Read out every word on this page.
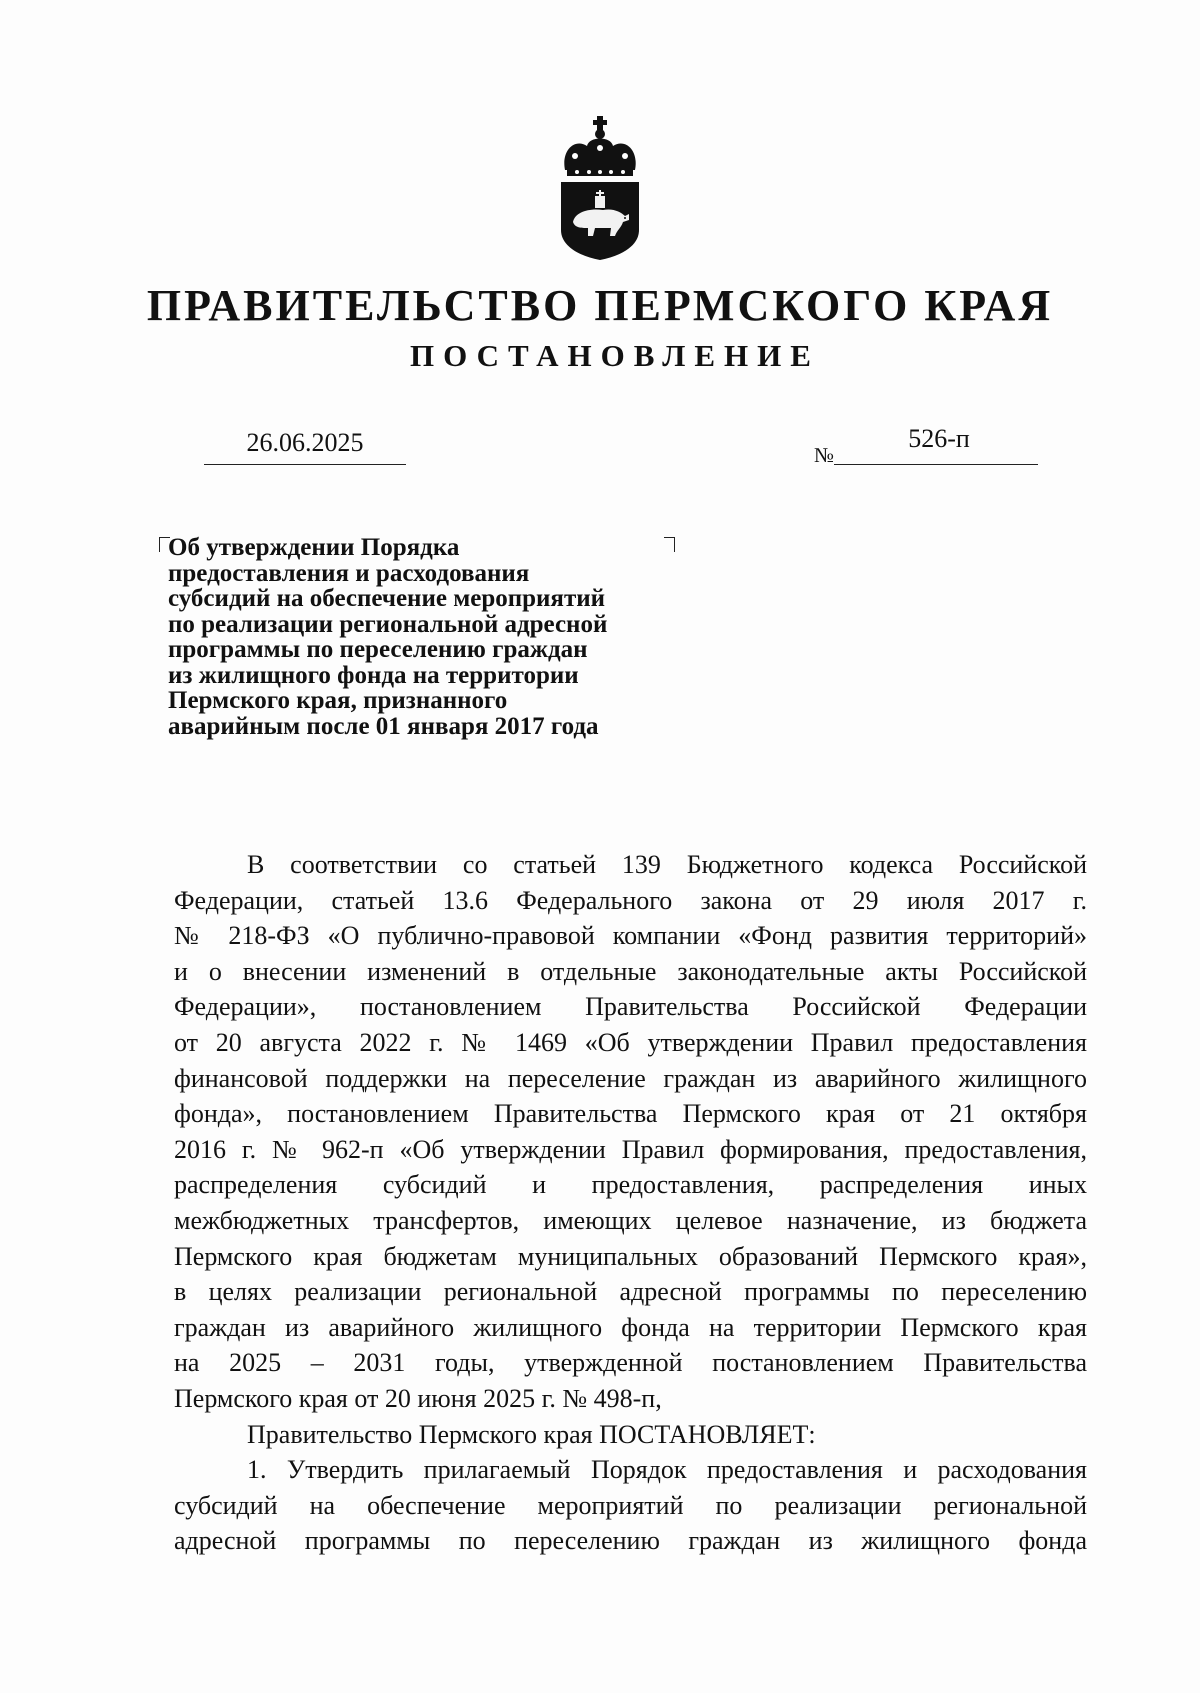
ПРАВИТЕЛЬСТВО ПЕРМСКОГО КРАЯ
ПОСТАНОВЛЕНИЕ
26.06.2025	№
526-п
Об утверждении Порядка
предоставления и расходования
субсидий на обеспечение мероприятий
по реализации региональной адресной
программы по переселению граждан
из жилищного фонда на территории
Пермского края, признанного
аварийным после 01 января 2017 года
В соответствии со статьей 139 Бюджетного кодекса Российской
Федерации, статьей 13.6 Федерального закона от 29 июля 2017 г.
№ 218-ФЗ «О публично-правовой компании «Фонд развития территорий»
и о внесении изменений в отдельные законодательные акты Российской
Федерации», постановлением Правительства Российской Федерации
от 20 августа 2022 г. № 1469 «Об утверждении Правил предоставления
финансовой поддержки на переселение граждан из аварийного жилищного
фонда», постановлением Правительства Пермского края от 21 октября
2016 г. № 962-п «Об утверждении Правил формирования, предоставления,
распределения субсидий и предоставления, распределения иных
межбюджетных трансфертов, имеющих целевое назначение, из бюджета
Пермского края бюджетам муниципальных образований Пермского края»,
в целях реализации региональной адресной программы по переселению
граждан из аварийного жилищного фонда на территории Пермского края
на 2025 – 2031 годы, утвержденной постановлением Правительства
Пермского края от 20 июня 2025 г. № 498-п,
Правительство Пермского края ПОСТАНОВЛЯЕТ:
1. Утвердить прилагаемый Порядок предоставления и расходования
субсидий на обеспечение мероприятий по реализации региональной
адресной программы по переселению граждан из жилищного фонда
